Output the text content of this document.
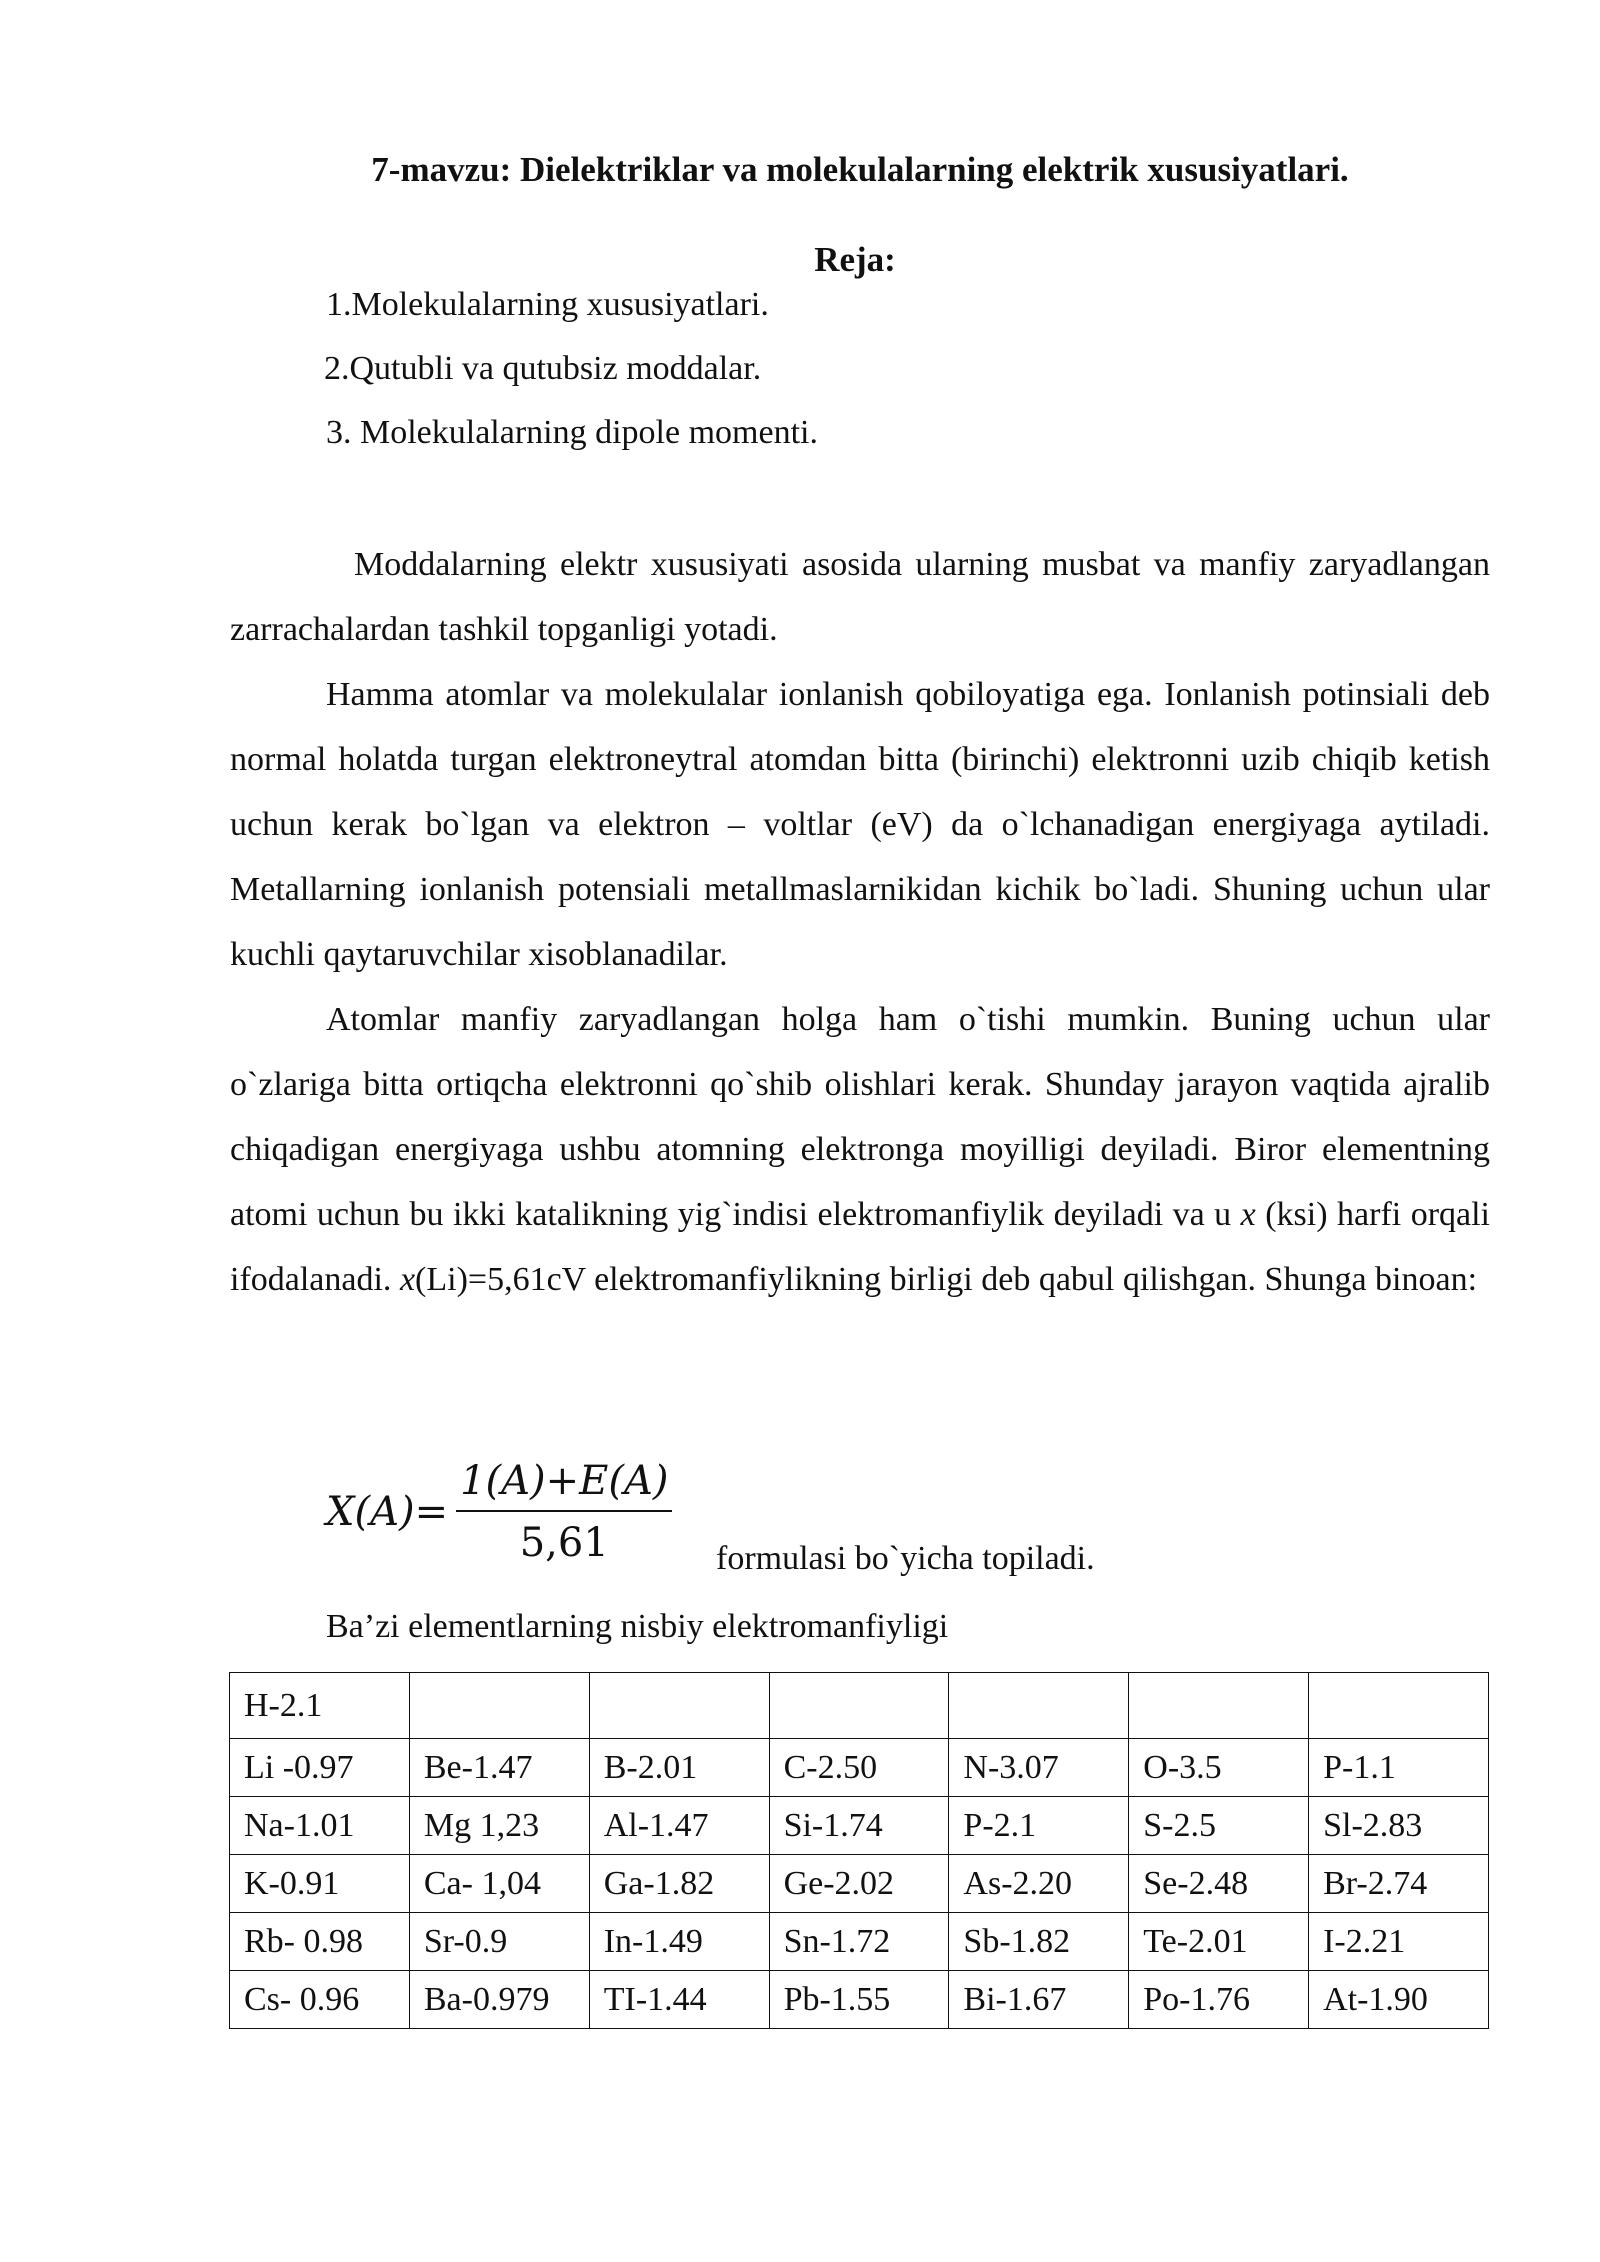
7-mavzu: Dielektriklar va molekulalarning elektrik xususiyatlari.
Reja:
1.Molekulalarning xususiyatlari.
2.Qutubli va qutubsiz moddalar.
3. Molekulalarning dipole momenti.

Moddalarning elektr xususiyati asosida ularning musbat va manfiy zaryadlangan zarrachalardan tashkil topganligi yotadi.

Hamma atomlar va molekulalar ionlanish qobiloyatiga ega. Ionlanish potinsiali deb normal holatda turgan elektroneytral atomdan bitta (birinchi) elektronni uzib chiqib ketish uchun kerak bo`lgan va elektron – voltlar (eV) da o`lchanadigan energiyaga aytiladi. Metallarning ionlanish potensiali metallmaslarnikidan kichik bo`ladi. Shuning uchun ular kuchli qaytaruvchilar xisoblanadilar.

Atomlar manfiy zaryadlangan holga ham o`tishi mumkin. Buning uchun ular o`zlariga bitta ortiqcha elektronni qo`shib olishlari kerak. Shunday jarayon vaqtida ajralib chiqadigan energiyaga ushbu atomning elektronga moyilligi deyiladi. Biror elementning atomi uchun bu ikki katalikning yig`indisi elektromanfiylik deyiladi va u x (ksi) harfi orqali ifodalanadi. x(Li)=5,61cV elektromanfiylikning birligi deb qabul qilishgan. Shunga binoan:

$X(A)= \frac{1(A)+E(A)}{5,61}$ formulasi bo`yicha topiladi.
Ba’zi elementlarning nisbiy elektromanfiyligi
H-2.1						
Li -0.97	Be-1.47	B-2.01	C-2.50	N-3.07	O-3.5	P-1.1
Na-1.01	Mg 1,23	Al-1.47	Si-1.74	P-2.1	S-2.5	Sl-2.83
K-0.91	Ca- 1,04	Ga-1.82	Ge-2.02	As-2.20	Se-2.48	Br-2.74
Rb- 0.98	Sr-0.9	In-1.49	Sn-1.72	Sb-1.82	Te-2.01	I-2.21
Cs- 0.96	Ba-0.979	TI-1.44	Pb-1.55	Bi-1.67	Po-1.76	At-1.90
